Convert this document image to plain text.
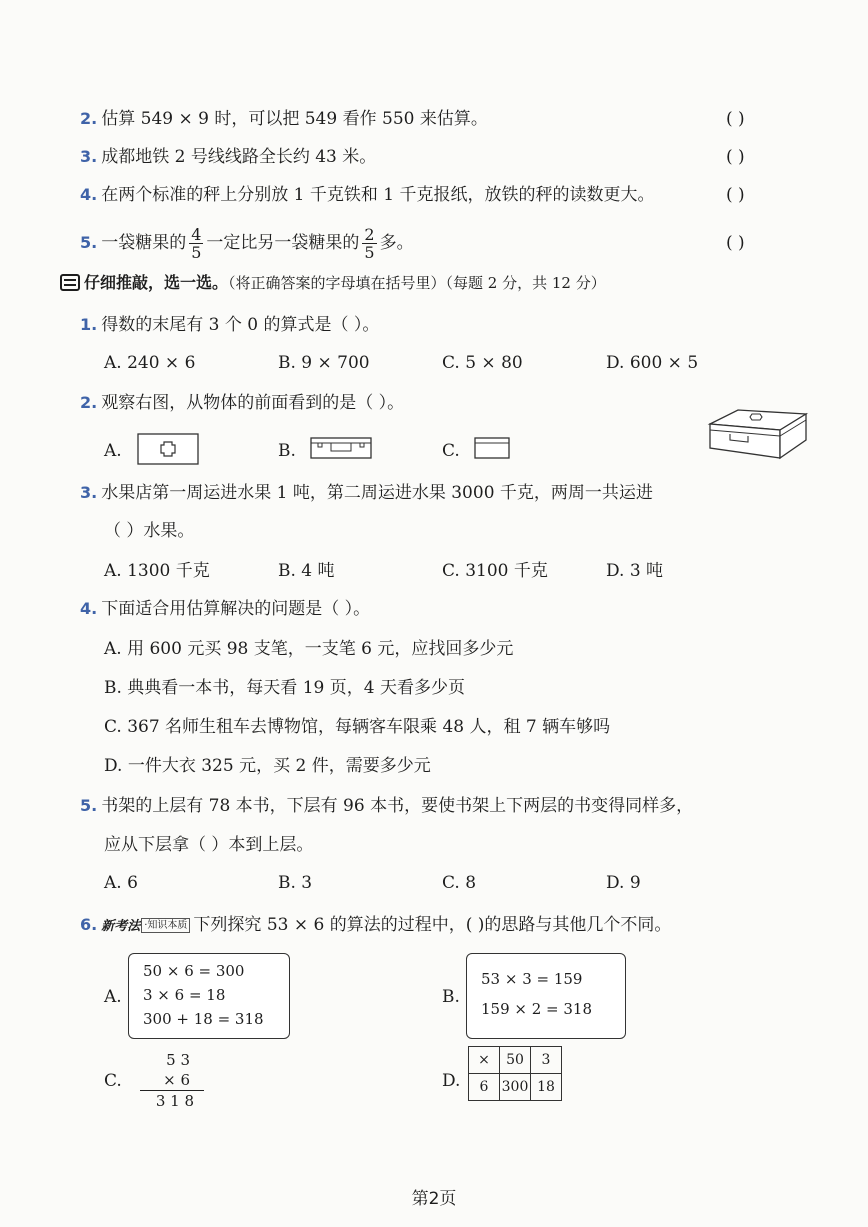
2. 估算 549 × 9 时，可以把 549 看作 550 来估算。	( )
3. 成都地铁 2 号线线路全长约 43 米。	( )
4. 在两个标准的秤上分别放 1 千克铁和 1 千克报纸，放铁的秤的读数更大。	( )
5. 一袋糖果的 $\frac{4}{5}$ 一定比另一袋糖果的 $\frac{2}{5}$ 多。	( )
仔细推敲，选一选。（将正确答案的字母填在括号里）（每题 2 分，共 12 分）
1. 得数的末尾有 3 个 0 的算式是（ ）。
A. 240 × 6	B. 9 × 700	C. 5 × 80	D. 600 × 5
2. 观察右图，从物体的前面看到的是（ ）。
A.	B.	C.
3. 水果店第一周运进水果 1 吨，第二周运进水果 3000 千克，两周一共运进
（ ）水果。
A. 1300 千克	B. 4 吨	C. 3100 千克	D. 3 吨
4. 下面适合用估算解决的问题是（ ）。
A. 用 600 元买 98 支笔，一支笔 6 元，应找回多少元
B. 典典看一本书，每天看 19 页，4 天看多少页
C. 367 名师生租车去博物馆，每辆客车限乘 48 人，租 7 辆车够吗
D. 一件大衣 325 元，买 2 件，需要多少元
5. 书架的上层有 78 本书，下层有 96 本书，要使书架上下两层的书变得同样多，
应从下层拿（ ）本到上层。
A. 6	B. 3	C. 8	D. 9
6. 新考法 ·知识本质 下列探究 53 × 6 的算法的过程中，( )的思路与其他几个不同。
A.
50 × 6 = 300
3 × 6 = 18
300 + 18 = 318
B.
53 × 3 = 159
159 × 2 = 318
C.
5 3
× 6
3 1 8
D.
×	50	3
6	300	18
第2页
